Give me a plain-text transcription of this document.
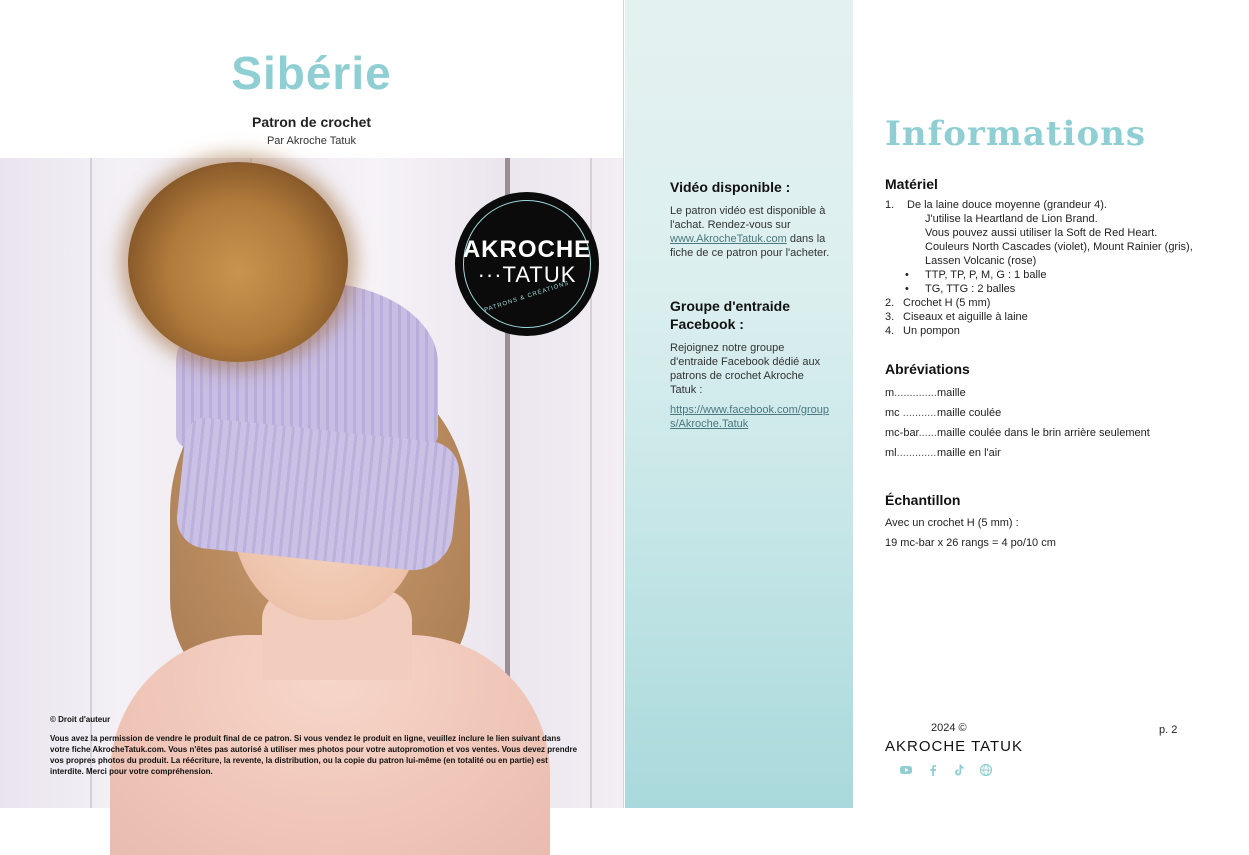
Sibérie
Patron de crochet
Par Akroche Tatuk
AKROCHE
···TATUK
PATRONS & CRÉATIONS
© Droit d'auteur
Vous avez la permission de vendre le produit final de ce patron. Si vous vendez le produit en ligne, veuillez inclure le lien suivant dans votre fiche AkrocheTatuk.com. Vous n'êtes pas autorisé à utiliser mes photos pour votre autopromotion et vos ventes. Vous devez prendre vos propres photos du produit. La réécriture, la revente, la distribution, ou la copie du patron lui-même (en totalité ou en partie) est interdite. Merci pour votre compréhension.
Vidéo disponible :
Le patron vidéo est disponible à l'achat. Rendez-vous sur www.AkrocheTatuk.com dans la fiche de ce patron pour l'acheter.
Groupe d'entraide Facebook :
Rejoignez notre groupe d'entraide Facebook dédié aux patrons de crochet Akroche Tatuk :
https://www.facebook.com/groups/Akroche.Tatuk
Informations
Matériel
1.	De la laine douce moyenne (grandeur 4).
J'utilise la Heartland de Lion Brand.
Vous pouvez aussi utiliser la Soft de Red Heart.
Couleurs North Cascades (violet), Mount Rainier (gris),
Lassen Volcanic (rose)
• TTP, TP, P, M, G : 1 balle
• TG, TTG : 2 balles
2. Crochet H (5 mm)
3. Ciseaux et aiguille à laine
4. Un pompon
Abréviations
m .....	maille
mc .....	maille coulée
mc-bar .....	maille coulée dans le brin arrière seulement
ml .....	maille en l'air
Échantillon
Avec un crochet H (5 mm) :
19 mc-bar x 26 rangs = 4 po/10 cm
2024 ©
AKROCHE TATUK
p. 2
